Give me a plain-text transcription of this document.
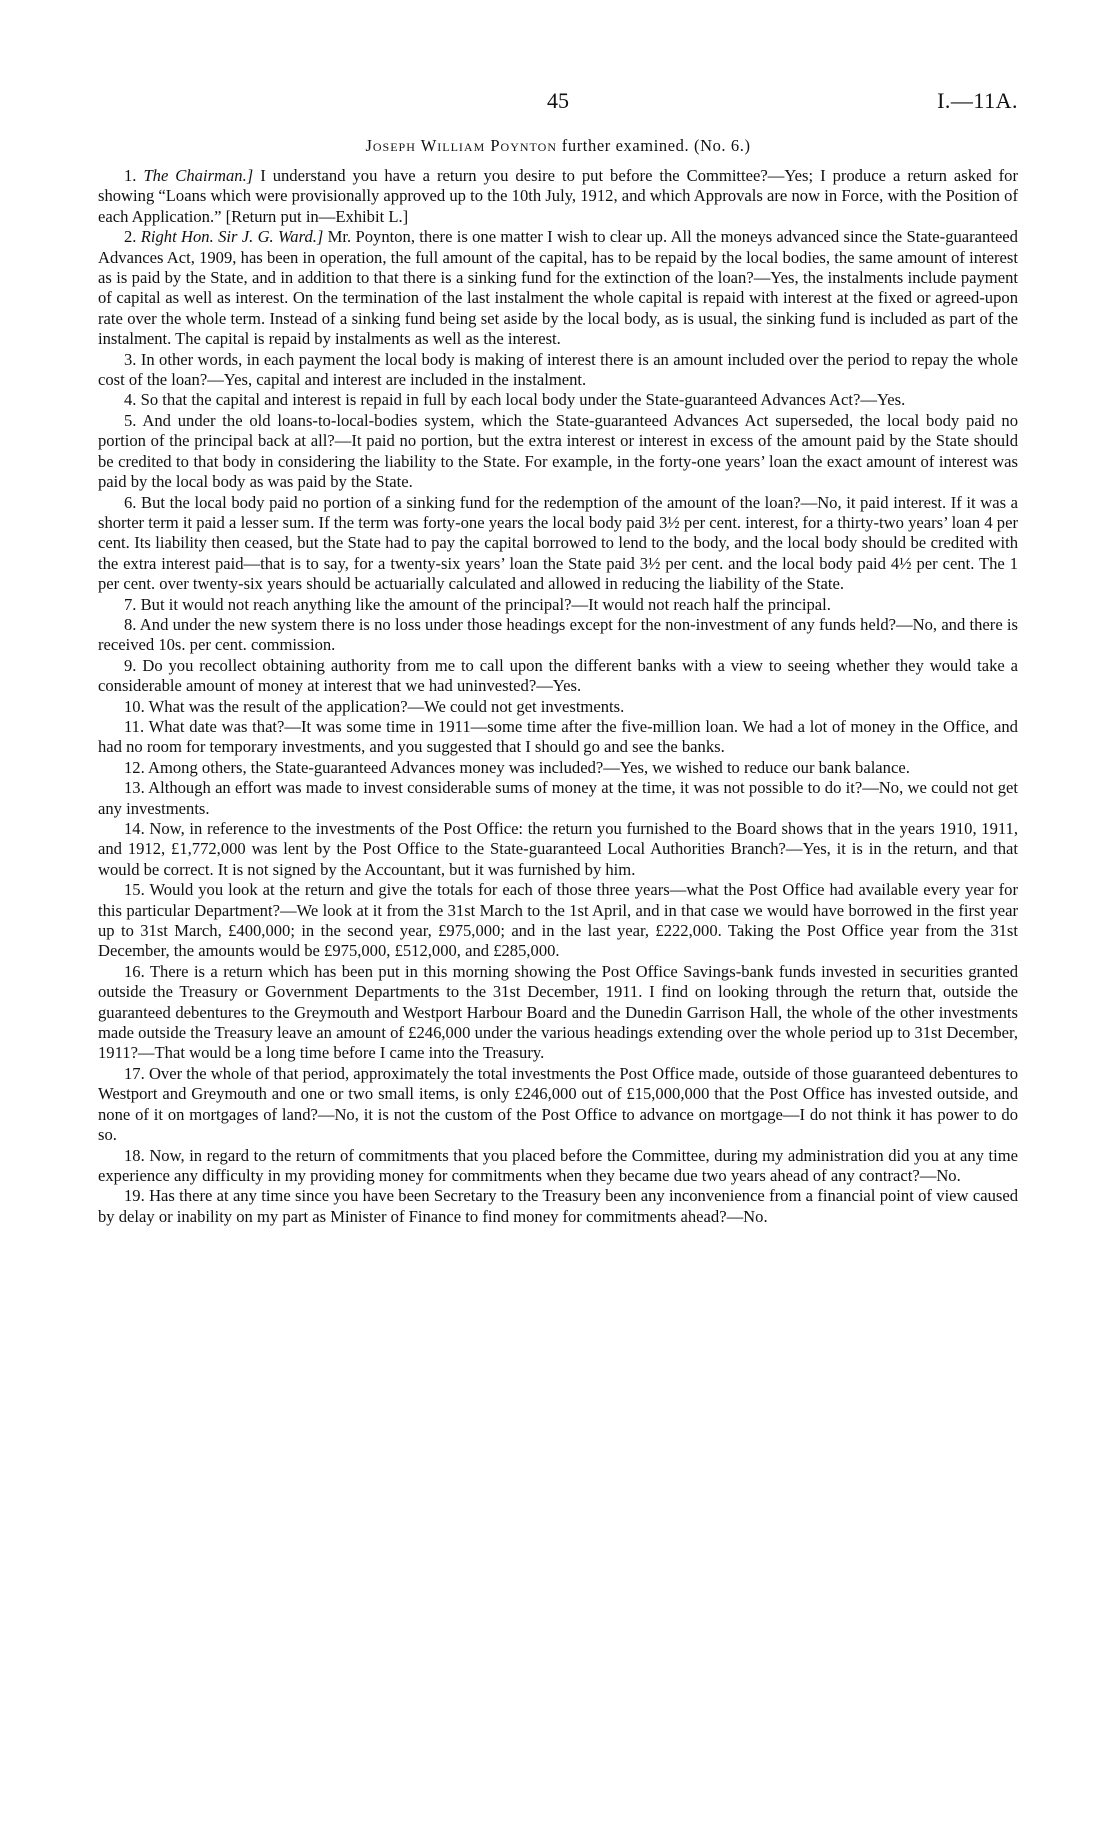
45	I.—11A.
Joseph William Poynton further examined. (No. 6.)

1. The Chairman.] I understand you have a return you desire to put before the Committee?—Yes; I produce a return asked for showing “Loans which were provisionally approved up to the 10th July, 1912, and which Approvals are now in Force, with the Position of each Application.” [Return put in—Exhibit L.]

2. Right Hon. Sir J. G. Ward.] Mr. Poynton, there is one matter I wish to clear up. All the moneys advanced since the State-guaranteed Advances Act, 1909, has been in operation, the full amount of the capital, has to be repaid by the local bodies, the same amount of interest as is paid by the State, and in addition to that there is a sinking fund for the extinction of the loan?—Yes, the instalments include payment of capital as well as interest. On the termination of the last instalment the whole capital is repaid with interest at the fixed or agreed-upon rate over the whole term. Instead of a sinking fund being set aside by the local body, as is usual, the sinking fund is included as part of the instalment. The capital is repaid by instalments as well as the interest.

3. In other words, in each payment the local body is making of interest there is an amount included over the period to repay the whole cost of the loan?—Yes, capital and interest are included in the instalment.

4. So that the capital and interest is repaid in full by each local body under the State-guaranteed Advances Act?—Yes.

5. And under the old loans-to-local-bodies system, which the State-guaranteed Advances Act superseded, the local body paid no portion of the principal back at all?—It paid no portion, but the extra interest or interest in excess of the amount paid by the State should be credited to that body in considering the liability to the State. For example, in the forty-one years’ loan the exact amount of interest was paid by the local body as was paid by the State.

6. But the local body paid no portion of a sinking fund for the redemption of the amount of the loan?—No, it paid interest. If it was a shorter term it paid a lesser sum. If the term was forty-one years the local body paid 3½ per cent. interest, for a thirty-two years’ loan 4 per cent. Its liability then ceased, but the State had to pay the capital borrowed to lend to the body, and the local body should be credited with the extra interest paid—that is to say, for a twenty-six years’ loan the State paid 3½ per cent. and the local body paid 4½ per cent. The 1 per cent. over twenty-six years should be actuarially calculated and allowed in reducing the liability of the State.

7. But it would not reach anything like the amount of the principal?—It would not reach half the principal.

8. And under the new system there is no loss under those headings except for the non-investment of any funds held?—No, and there is received 10s. per cent. commission.

9. Do you recollect obtaining authority from me to call upon the different banks with a view to seeing whether they would take a considerable amount of money at interest that we had uninvested?—Yes.

10. What was the result of the application?—We could not get investments.

11. What date was that?—It was some time in 1911—some time after the five-million loan. We had a lot of money in the Office, and had no room for temporary investments, and you suggested that I should go and see the banks.

12. Among others, the State-guaranteed Advances money was included?—Yes, we wished to reduce our bank balance.

13. Although an effort was made to invest considerable sums of money at the time, it was not possible to do it?—No, we could not get any investments.

14. Now, in reference to the investments of the Post Office: the return you furnished to the Board shows that in the years 1910, 1911, and 1912, £1,772,000 was lent by the Post Office to the State-guaranteed Local Authorities Branch?—Yes, it is in the return, and that would be correct. It is not signed by the Accountant, but it was furnished by him.

15. Would you look at the return and give the totals for each of those three years—what the Post Office had available every year for this particular Department?—We look at it from the 31st March to the 1st April, and in that case we would have borrowed in the first year up to 31st March, £400,000; in the second year, £975,000; and in the last year, £222,000. Taking the Post Office year from the 31st December, the amounts would be £975,000, £512,000, and £285,000.

16. There is a return which has been put in this morning showing the Post Office Savings-bank funds invested in securities granted outside the Treasury or Government Departments to the 31st December, 1911. I find on looking through the return that, outside the guaranteed debentures to the Greymouth and Westport Harbour Board and the Dunedin Garrison Hall, the whole of the other investments made outside the Treasury leave an amount of £246,000 under the various headings extending over the whole period up to 31st December, 1911?—That would be a long time before I came into the Treasury.

17. Over the whole of that period, approximately the total investments the Post Office made, outside of those guaranteed debentures to Westport and Greymouth and one or two small items, is only £246,000 out of £15,000,000 that the Post Office has invested outside, and none of it on mortgages of land?—No, it is not the custom of the Post Office to advance on mortgage—I do not think it has power to do so.

18. Now, in regard to the return of commitments that you placed before the Committee, during my administration did you at any time experience any difficulty in my providing money for commitments when they became due two years ahead of any contract?—No.

19. Has there at any time since you have been Secretary to the Treasury been any inconvenience from a financial point of view caused by delay or inability on my part as Minister of Finance to find money for commitments ahead?—No.
